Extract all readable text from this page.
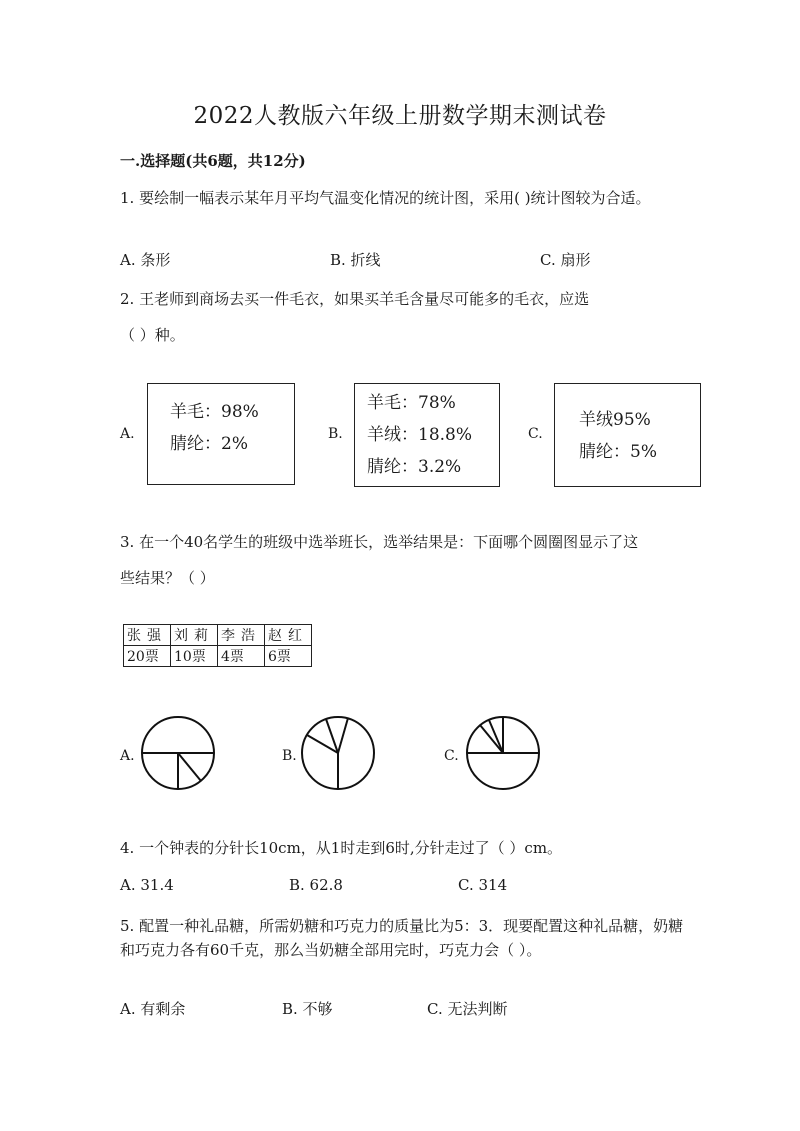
2022人教版六年级上册数学期末测试卷
一.选择题(共6题，共12分)
1. 要绘制一幅表示某年月平均气温变化情况的统计图，采用( )统计图较为合适。
A. 条形	B. 折线	C. 扇形
2. 王老师到商场去买一件毛衣，如果买羊毛含量尽可能多的毛衣，应选
（ ）种。
A.
羊毛：98%
腈纶：2%	B.
羊毛：78%
羊绒：18.8%
腈纶：3.2%
C.
羊绒95%
腈纶：5%
3. 在一个40名学生的班级中选举班长，选举结果是：下面哪个圆圈图显示了这
些结果？（ ）
张强	刘莉	李浩	赵红
20票	10票	4票	6票
A.	B.	C.
4. 一个钟表的分针长10cm，从1时走到6时,分针走过了（ ）cm。
A. 31.4	B. 62.8	C. 314
5. 配置一种礼品糖，所需奶糖和巧克力的质量比为5：3．现要配置这种礼品糖，奶糖和巧克力各有60千克，那么当奶糖全部用完时，巧克力会（ ）。
A. 有剩余	B. 不够	C. 无法判断
